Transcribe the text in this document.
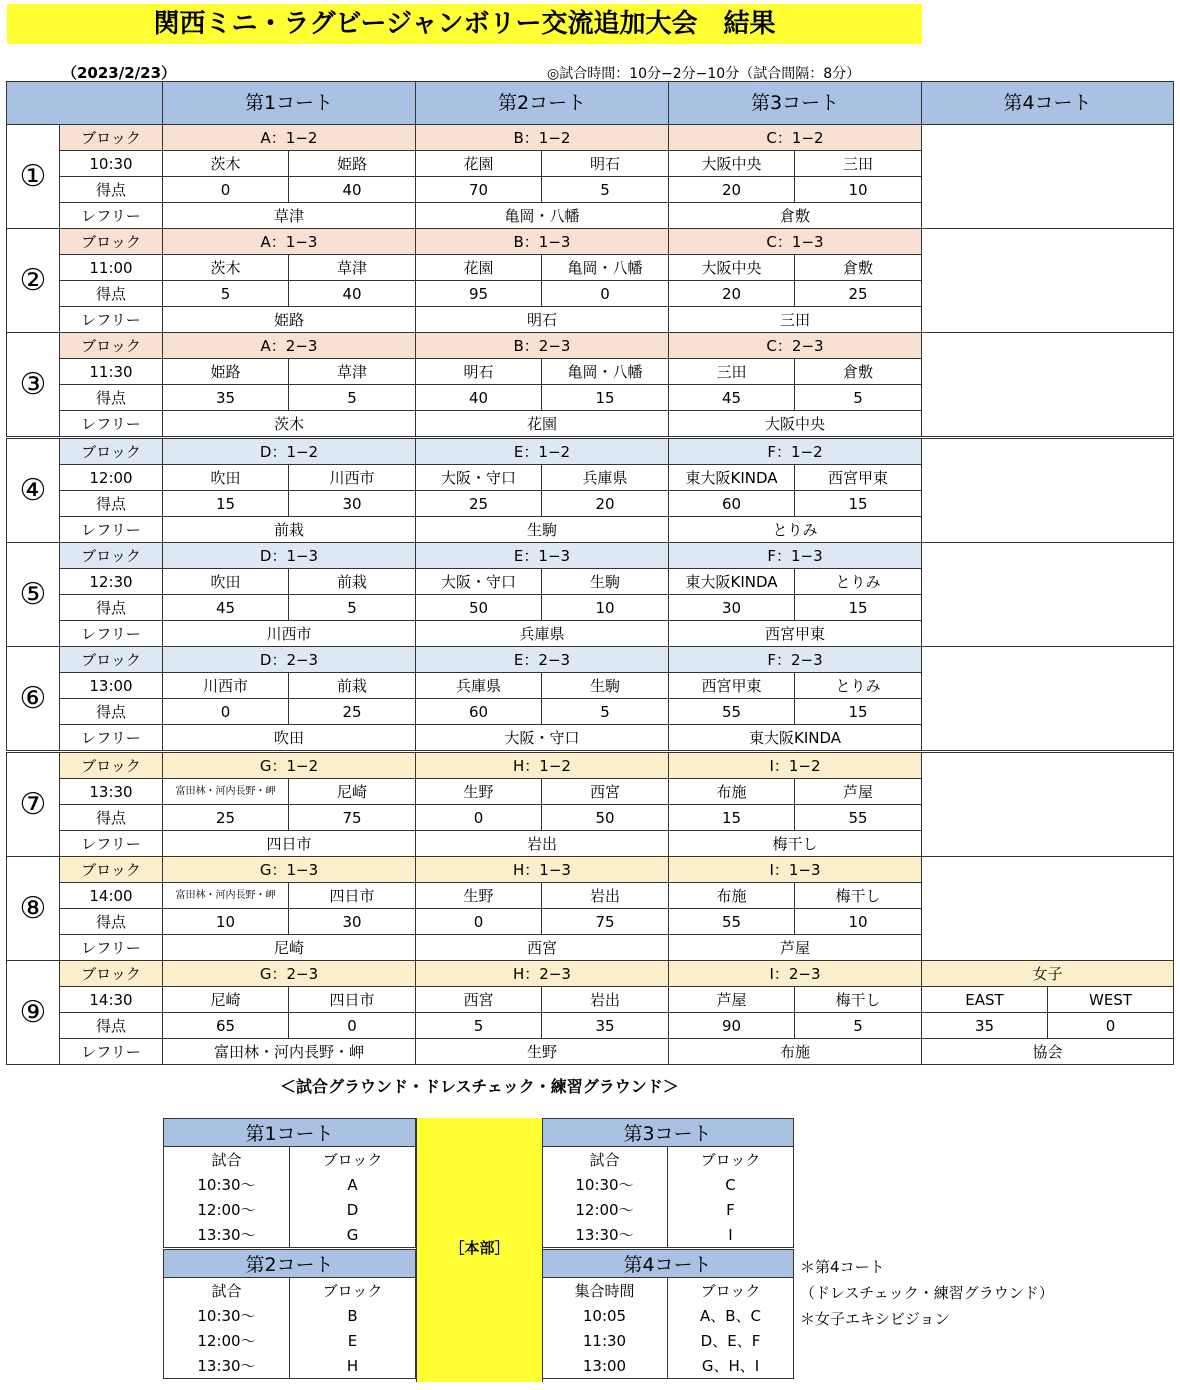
関西ミニ・ラグビージャンボリー交流追加大会　結果
（2023/2/23）	◎試合時間：10分−2分−10分（試合間隔：8分）
		第1コート		第2コート		第3コート		第4コート	
①	ブロック	A：1−2		B：1−2		C：1−2			
	10:30	茨木	姫路	花園	明石	大阪中央	三田		
	得点	0	40	70	5	20	10		
	レフリー	草津		亀岡・八幡		倉敷			
②	ブロック	A：1−3		B：1−3		C：1−3			
	11:00	茨木	草津	花園	亀岡・八幡	大阪中央	倉敷		
	得点	5	40	95	0	20	25		
	レフリー	姫路		明石		三田			
③	ブロック	A：2−3		B：2−3		C：2−3			
	11:30	姫路	草津	明石	亀岡・八幡	三田	倉敷		
	得点	35	5	40	15	45	5		
	レフリー	茨木		花園		大阪中央			
④	ブロック	D：1−2		E：1−2		F：1−2			
	12:00	吹田	川西市	大阪・守口	兵庫県	東大阪KINDA	西宮甲東		
	得点	15	30	25	20	60	15		
	レフリー	前栽		生駒		とりみ			
⑤	ブロック	D：1−3		E：1−3		F：1−3			
	12:30	吹田	前栽	大阪・守口	生駒	東大阪KINDA	とりみ		
	得点	45	5	50	10	30	15		
	レフリー	川西市		兵庫県		西宮甲東			
⑥	ブロック	D：2−3		E：2−3		F：2−3			
	13:00	川西市	前栽	兵庫県	生駒	西宮甲東	とりみ		
	得点	0	25	60	5	55	15		
	レフリー	吹田		大阪・守口		東大阪KINDA			
⑦	ブロック	G：1−2		H：1−2		I：1−2			
	13:30	富田林・河内長野・岬	尼崎	生野	西宮	布施	芦屋		
	得点	25	75	0	50	15	55		
	レフリー	四日市		岩出		梅干し			
⑧	ブロック	G：1−3		H：1−3		I：1−3			
	14:00	富田林・河内長野・岬	四日市	生野	岩出	布施	梅干し		
	得点	10	30	0	75	55	10		
	レフリー	尼崎		西宮		芦屋			
⑨	ブロック	G：2−3		H：2−3		I：2−3		女子	
	14:30	尼崎	四日市	西宮	岩出	芦屋	梅干し	EAST	WEST
	得点	65	0	5	35	90	5	35	0
	レフリー	富田林・河内長野・岬		生野		布施		協会	
＜試合グラウンド・ドレスチェック・練習グラウンド＞
第1コート	
試合	ブロック
10:30〜	A
12:00〜	D
13:30〜	G
第2コート	
試合	ブロック
10:30〜	B
12:00〜	E
13:30〜	H
第3コート	
試合	ブロック
10:30〜	C
12:00〜	F
13:30〜	I
第4コート	
集合時間	ブロック
10:05	A、B、C
11:30	D、E、F
13:00	G、H、I
［本部］
＊第4コート
（ドレスチェック・練習グラウンド）
＊女子エキシビジョン
